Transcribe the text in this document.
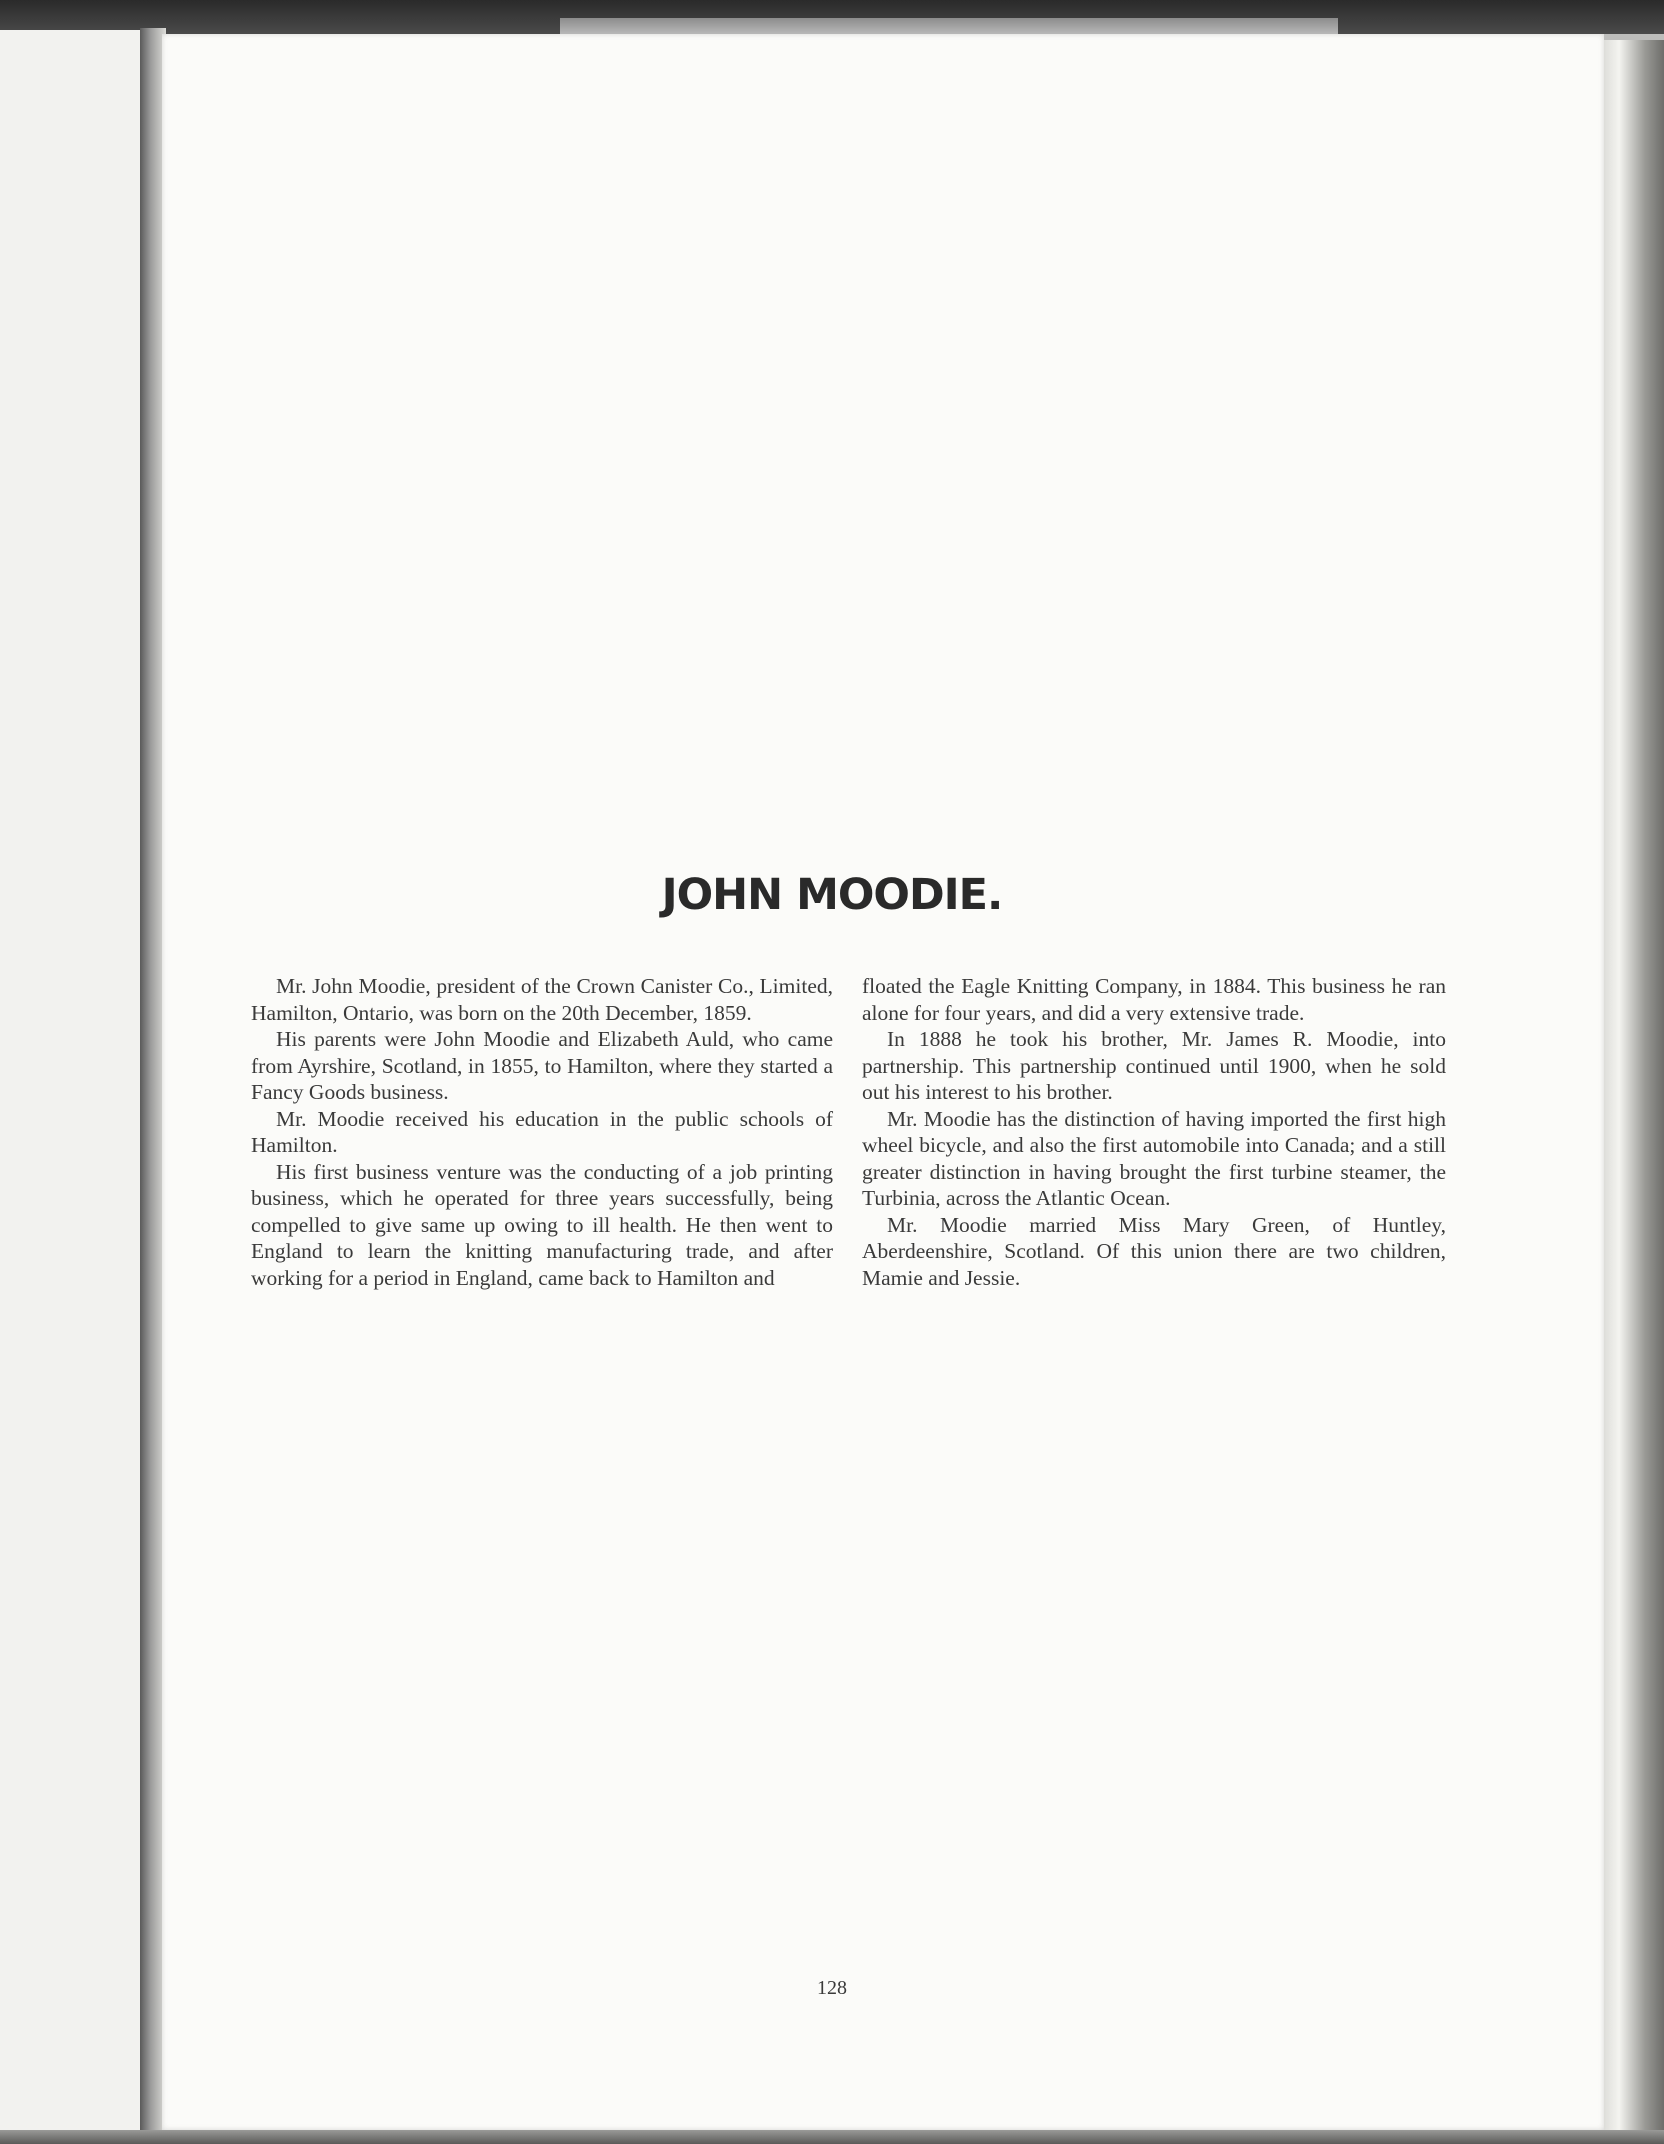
JOHN MOODIE.

Mr. John Moodie, president of the Crown Canister Co., Limited, Hamilton, Ontario, was born on the 20th December, 1859.

His parents were John Moodie and Elizabeth Auld, who came from Ayrshire, Scotland, in 1855, to Hamilton, where they started a Fancy Goods business.

Mr. Moodie received his education in the public schools of Hamilton.

His first business venture was the conducting of a job printing business, which he operated for three years successfully, being compelled to give same up owing to ill health. He then went to England to learn the knitting manufacturing trade, and after working for a period in England, came back to Hamilton and

floated the Eagle Knitting Company, in 1884. This business he ran alone for four years, and did a very extensive trade.

In 1888 he took his brother, Mr. James R. Moodie, into partnership. This partnership continued until 1900, when he sold out his interest to his brother.

Mr. Moodie has the distinction of having imported the first high wheel bicycle, and also the first automobile into Canada; and a still greater distinction in having brought the first turbine steamer, the Turbinia, across the Atlantic Ocean.

Mr. Moodie married Miss Mary Green, of Huntley, Aberdeenshire, Scotland. Of this union there are two children, Mamie and Jessie.

128
